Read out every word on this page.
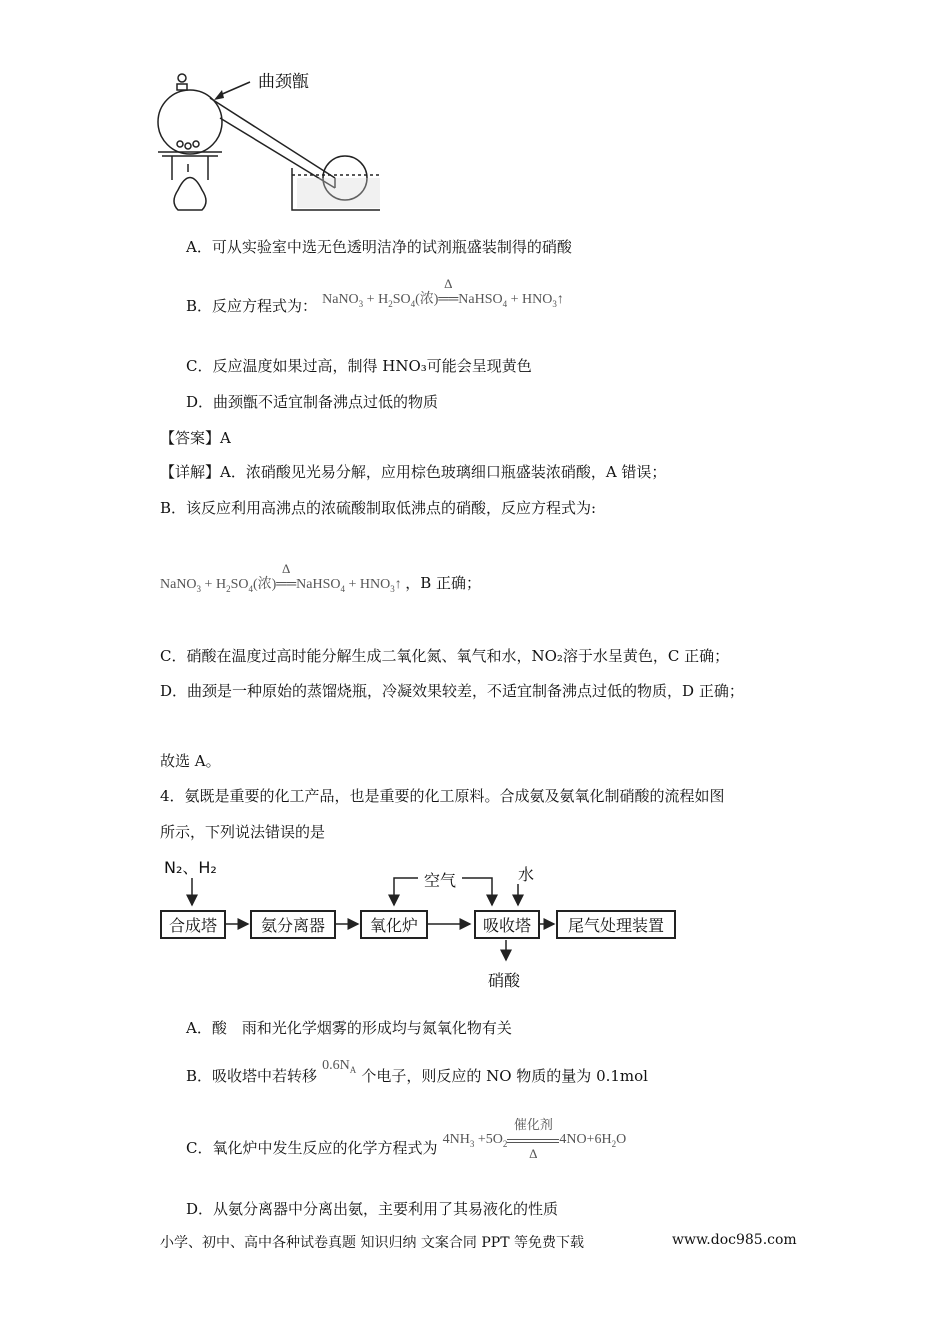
曲颈甑
A．可从实验室中选无色透明洁净的试剂瓶盛装制得的硝酸
B．反应方程式为： NaNO$_3$ + $H_2SO_4$(浓)
Δ
══NaHSO$_4$ + $HNO_3↑$
C．反应温度如果过高，制得 HNO₃可能会呈现黄色
D．曲颈甑不适宜制备沸点过低的物质
【答案】A
【详解】A．浓硝酸见光易分解，应用棕色玻璃细口瓶盛装浓硝酸，A 错误；
B．该反应利用高沸点的浓硫酸制取低沸点的硝酸，反应方程式为:
NaNO$_3$ + $H_2SO_4$(浓)
Δ
══NaHSO$_4$ + $HNO_3↑$ ，B 正确；
C．硝酸在温度过高时能分解生成二氧化氮、氧气和水，NO₂溶于水呈黄色，C 正确；
D．曲颈是一种原始的蒸馏烧瓶，冷凝效果较差，不适宜制备沸点过低的物质，D 正确；
故选 A。
4．氨既是重要的化工产品，也是重要的化工原料。合成氨及氨氧化制硝酸的流程如图
所示，下列说法错误的是
N₂、H₂
空气	水
硝酸
合成塔	氨分离器	氧化炉	吸收塔	尾气处理装置
A．酸　雨和光化学烟雾的形成均与氮氧化物有关
B．吸收塔中若转移 $0.6N_A$ 个电子，则反应的 NO 物质的量为 0.1mol
C．氧化炉中发生反应的化学方程式为 $4NH_3 +5O_2$
催化剂
Δ
$4NO+6H_2O$
D．从氨分离器中分离出氨，主要利用了其易液化的性质
小学、初中、高中各种试卷真题 知识归纳 文案合同 PPT 等免费下载	www.doc985.com
